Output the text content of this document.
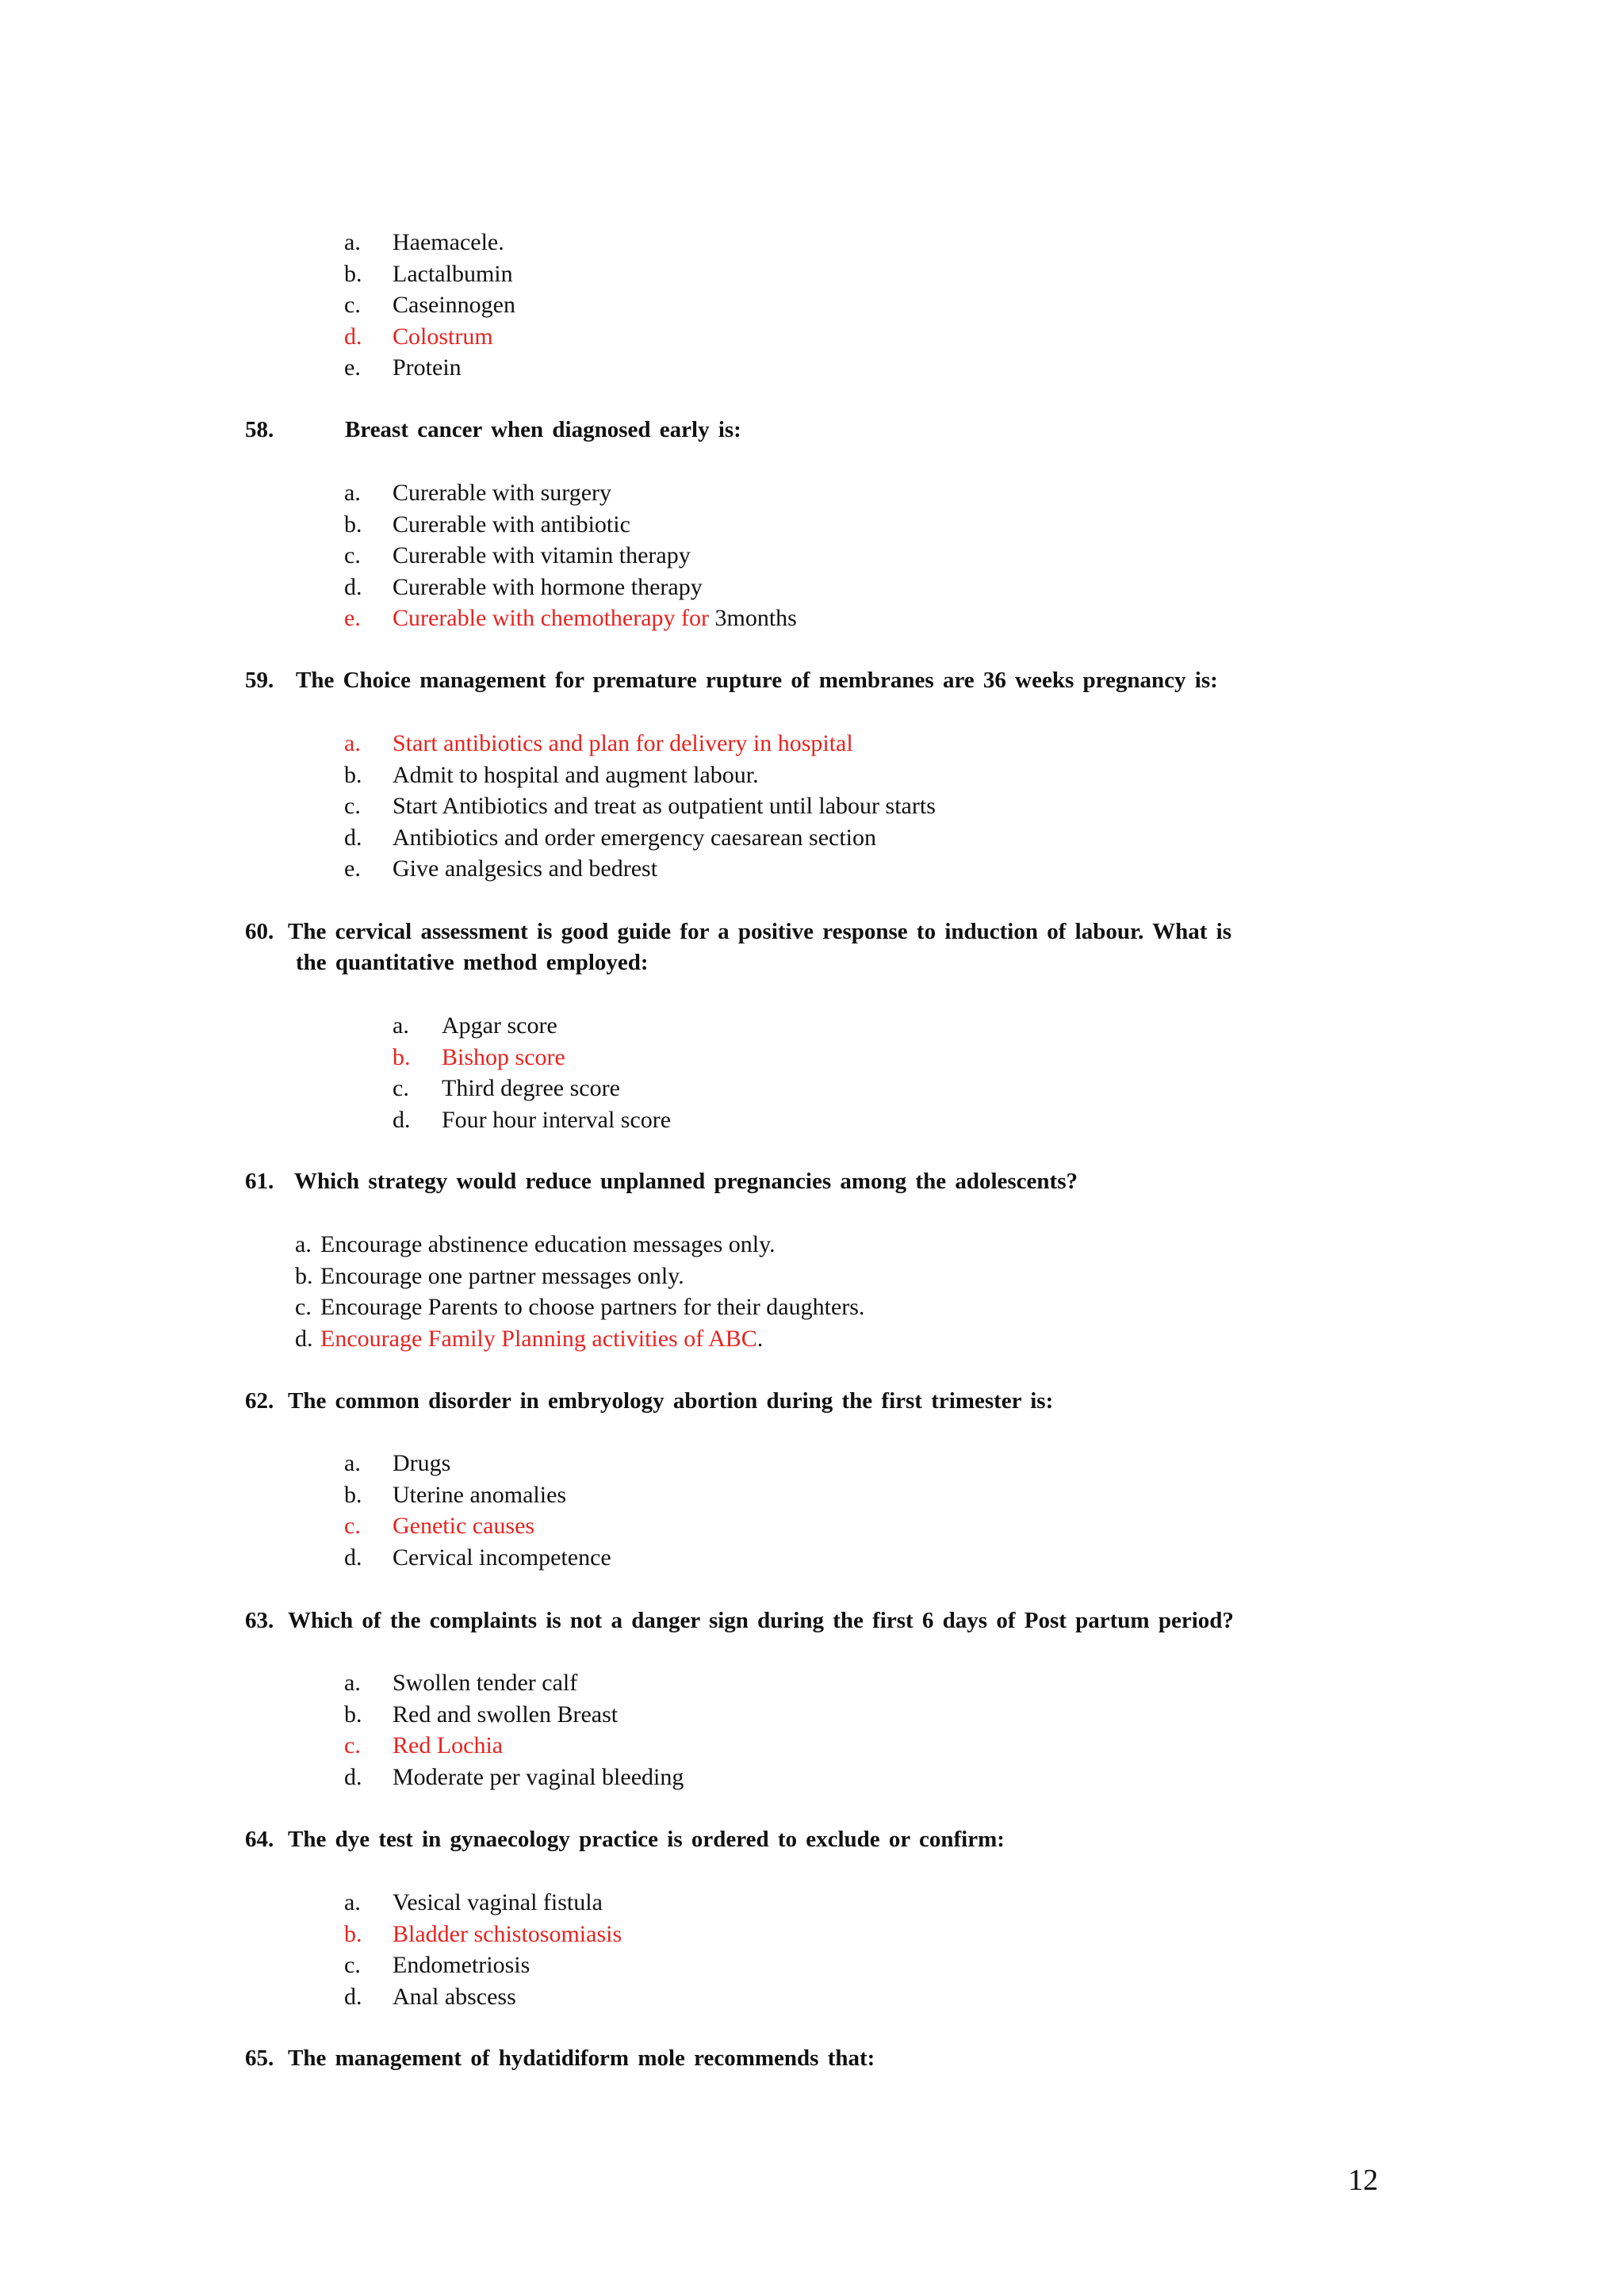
a. Haemacele.
b. Lactalbumin
c. Caseinnogen
d. Colostrum
e. Protein
58.	Breast cancer when diagnosed early is:
a. Curerable with surgery
b. Curerable with antibiotic
c. Curerable with vitamin therapy
d. Curerable with hormone therapy
e. Curerable with chemotherapy for 3months
59. The Choice management for premature rupture of membranes are 36 weeks pregnancy is:
a. Start antibiotics and plan for delivery in hospital
b. Admit to hospital and augment labour.
c. Start Antibiotics and treat as outpatient until labour starts
d. Antibiotics and order emergency caesarean section
e. Give analgesics and bedrest
60. The cervical assessment is good guide for a positive response to induction of labour. What is
the quantitative method employed:
a. Apgar score
b. Bishop score
c. Third degree score
d. Four hour interval score
61. Which strategy would reduce unplanned pregnancies among the adolescents?
a. Encourage abstinence education messages only.
b. Encourage one partner messages only.
c. Encourage Parents to choose partners for their daughters.
d. Encourage Family Planning activities of ABC.
62. The common disorder in embryology abortion during the first trimester is:
a. Drugs
b. Uterine anomalies
c. Genetic causes
d. Cervical incompetence
63. Which of the complaints is not a danger sign during the first 6 days of Post partum period?
a. Swollen tender calf
b. Red and swollen Breast
c. Red Lochia
d. Moderate per vaginal bleeding
64. The dye test in gynaecology practice is ordered to exclude or confirm:
a. Vesical vaginal fistula
b. Bladder schistosomiasis
c. Endometriosis
d. Anal abscess
65. The management of hydatidiform mole recommends that:
12
